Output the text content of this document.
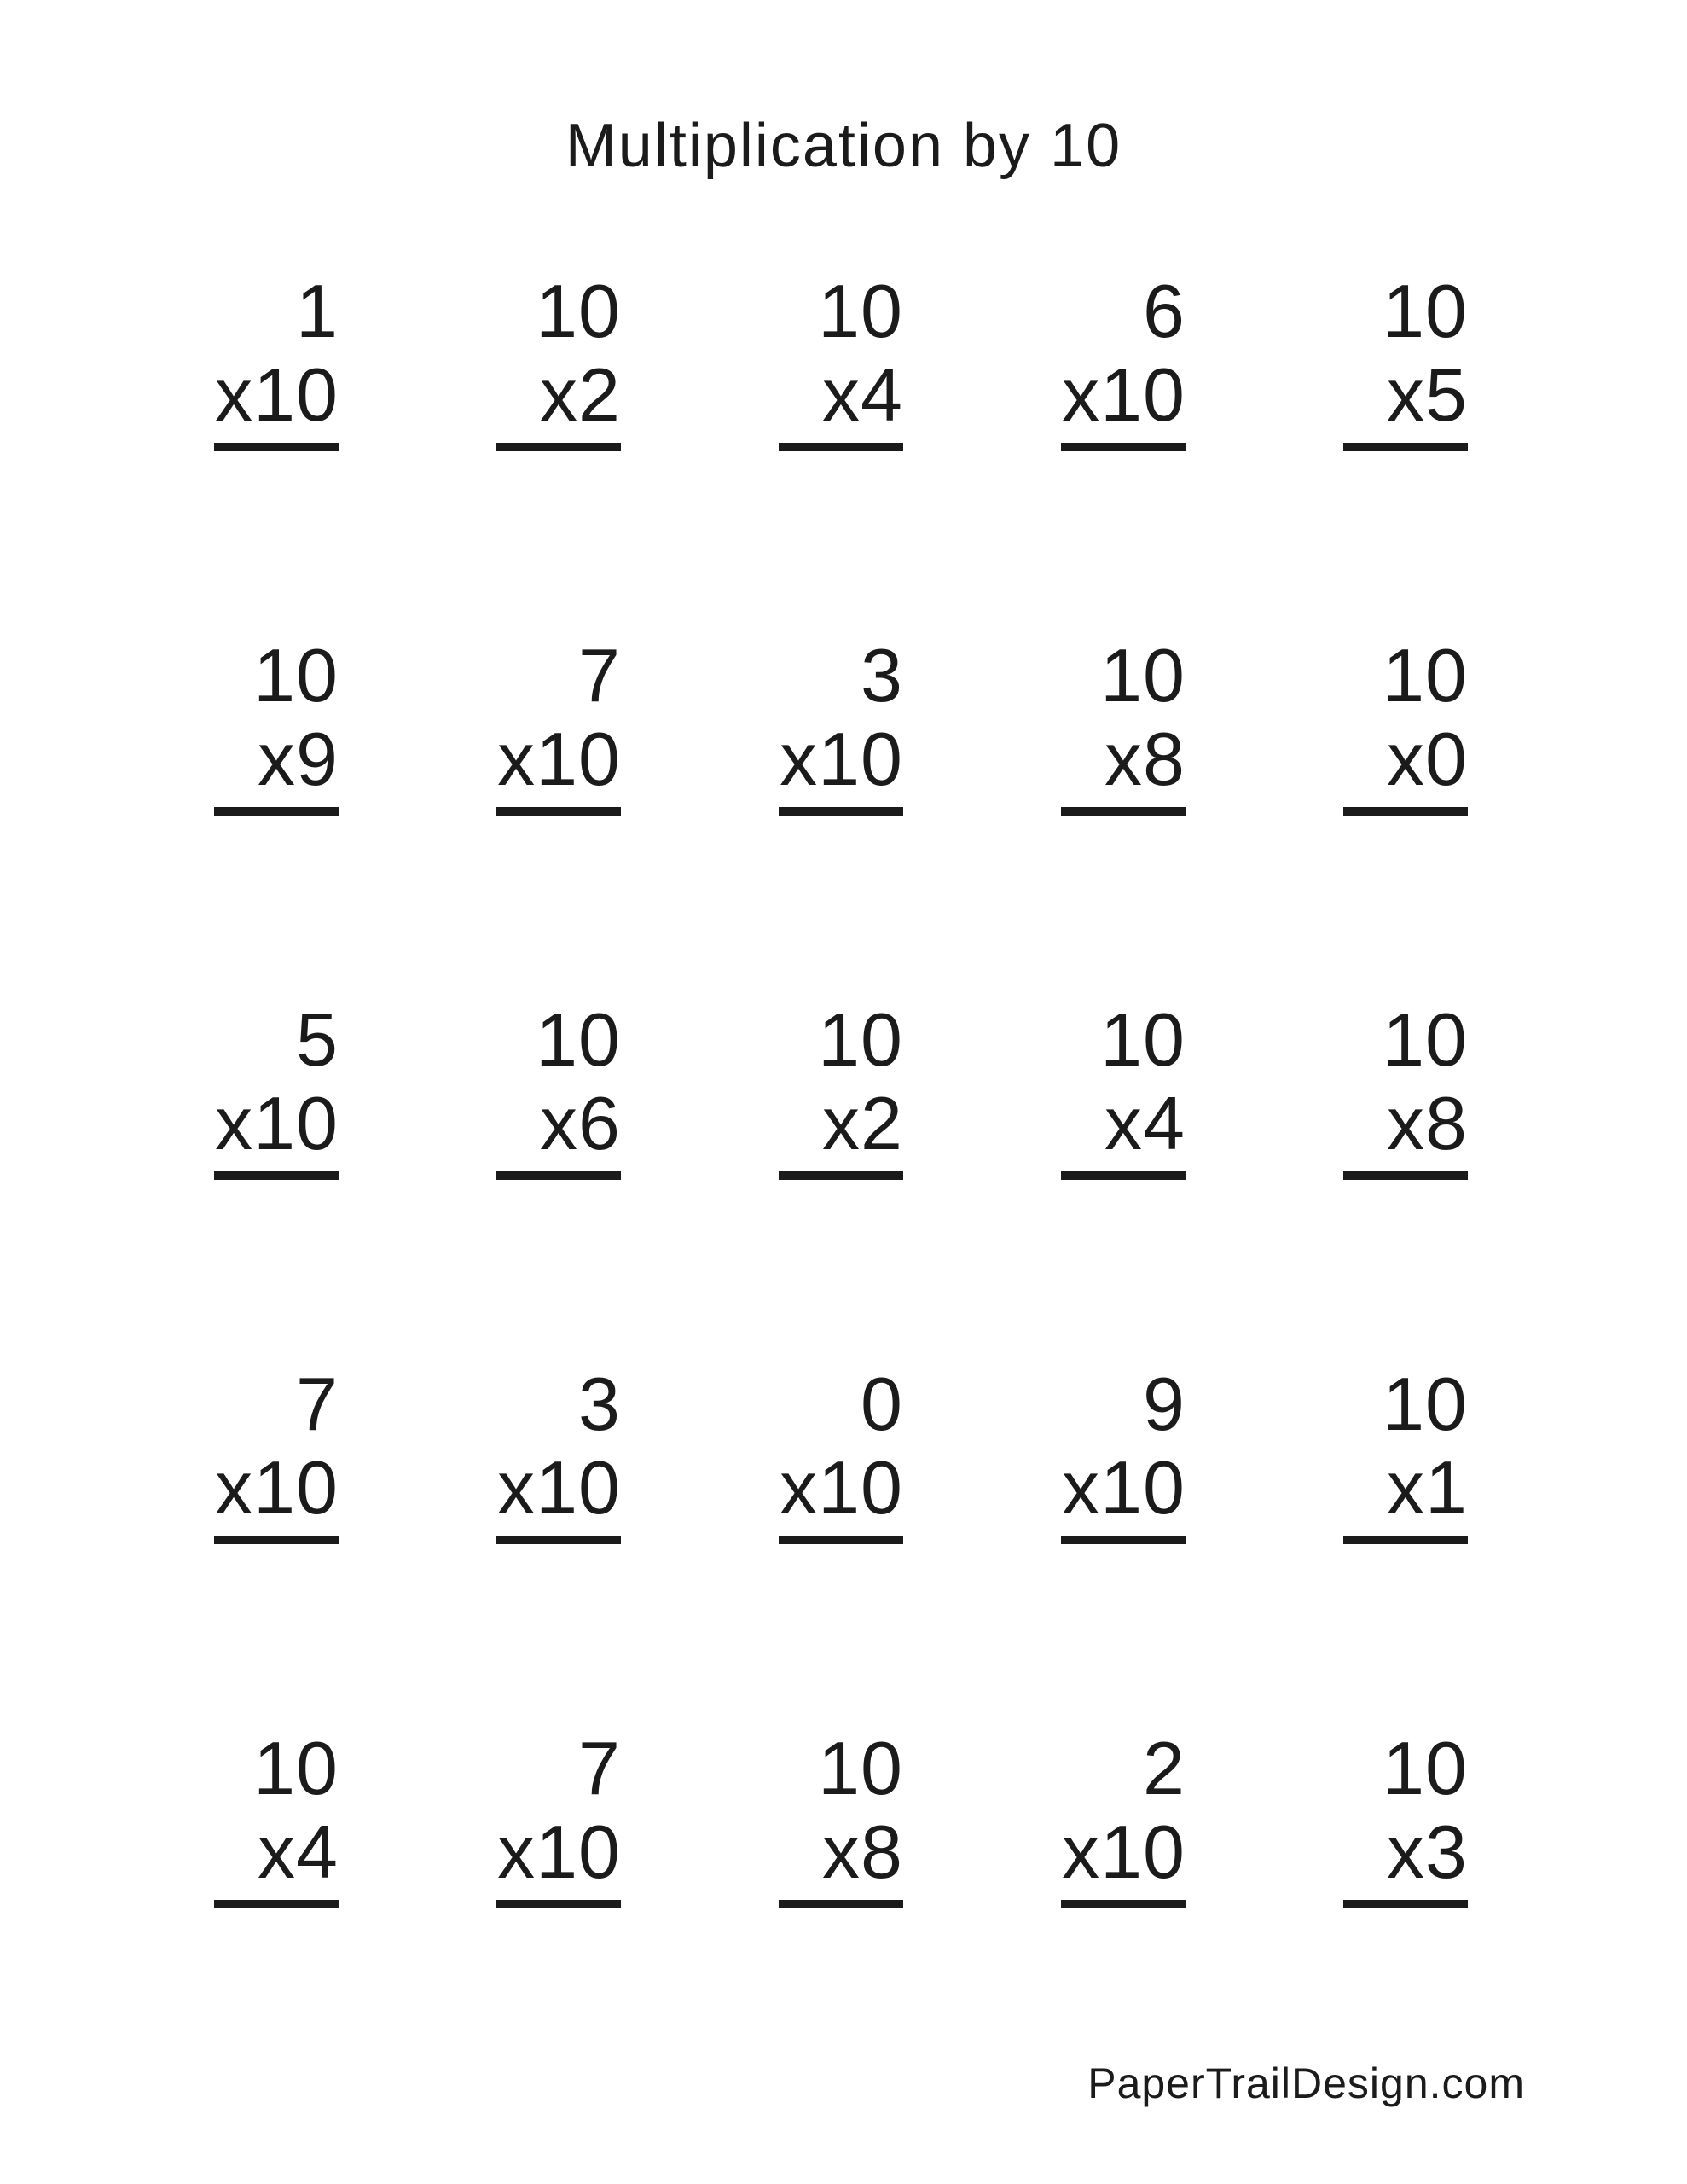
Multiplication by 10
1
x10
10
x2
10
x4
6
x10
10
x5
10
x9
7
x10
3
x10
10
x8
10
x0
5
x10
10
x6
10
x2
10
x4
10
x8
7
x10
3
x10
0
x10
9
x10
10
x1
10
x4
7
x10
10
x8
2
x10
10
x3
PaperTrailDesign.com
